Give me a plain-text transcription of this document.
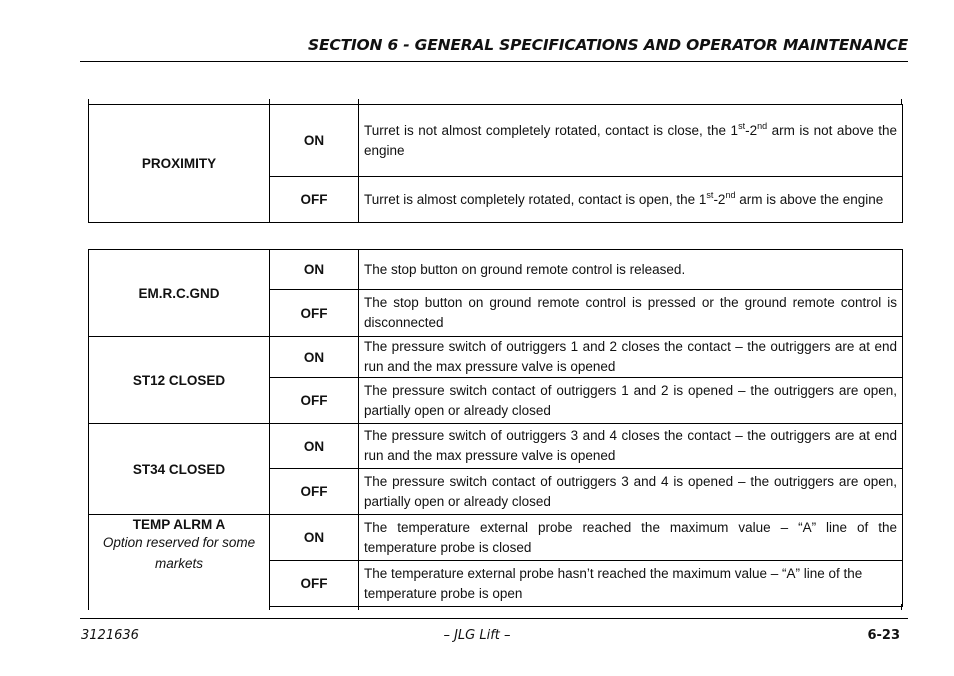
SECTION 6 - GENERAL SPECIFICATIONS AND OPERATOR MAINTENANCE
PROXIMITY	ON	Turret is not almost completely rotated, contact is close, the 1st-2nd arm is not above the engine
	OFF	Turret is almost completely rotated, contact is open, the 1st-2nd arm is above the engine
EM.R.C.GND	ON	The stop button on ground remote control is released.
	OFF	The stop button on ground remote control is pressed or the ground remote control is disconnected
ST12 CLOSED	ON	The pressure switch of outriggers 1 and 2 closes the contact – the outriggers are at end run and the max pressure valve is opened
	OFF	The pressure switch contact of outriggers 1 and 2 is opened – the outriggers are open, partially open or already closed
ST34 CLOSED	ON	The pressure switch of outriggers 3 and 4 closes the contact – the outriggers are at end run and the max pressure valve is opened
	OFF	The pressure switch contact of outriggers 3 and 4 is opened – the outriggers are open, partially open or already closed

TEMP ALRM A
Option reserved for some markets	ON	The temperature external probe reached the maximum value – “A” line of the temperature probe is closed
	OFF	The temperature external probe hasn’t reached the maximum value – “A” line of the temperature probe is open
3121636	– JLG Lift –	6-23
